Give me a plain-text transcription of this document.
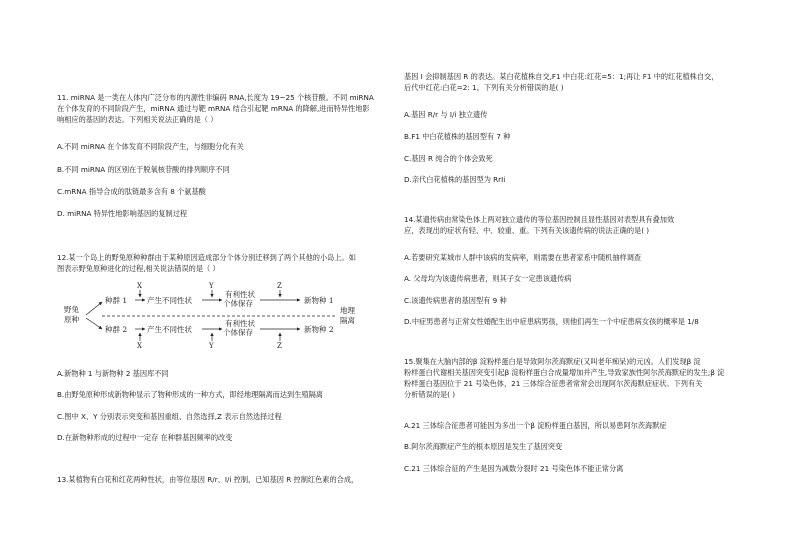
11. miRNA 是一类在人体内广泛分布的内源性非编码 RNA,长度为 19~25 个核苷酸。不同 miRNA

在个体发育的不同阶段产生，miRNA 通过与靶 mRNA 结合引起靶 mRNA 的降解,进而特异性地影

响相应的基因的表达。下列相关说法正确的是（ ）

A.不同 miRNA 在个体发育不同阶段产生，与细胞分化有关
B.不同 miRNA 的区别在于脱氧核苷酸的排列顺序不同
C.mRNA 指导合成的肽链最多含有 8 个氨基酸
D. miRNA 特异性地影响基因的复制过程

12.某一个岛上的野兔原种种群由于某种原因造成部分个体分别迁移到了两个其他的小岛上。如

图表示野兔原种进化的过程,相关说法错误的是（ ）

野兔
原种
种群 1	产生不同性状
有利性状
个体保存	新物种 1
X	Y	Z
地理
隔离
种群 2	产生不同性状
有利性状
个体保存	新物种 2
X	Y	Z
A.新物种 1 与新物种 2 基因库不同
B.由野兔原种形成新物种显示了物种形成的一种方式，即经地理隔离而达到生殖隔离
C.图中 X、Y 分别表示突变和基因重组、自然选择,Z 表示自然选择过程
D.在新物种形成的过程中一定存 在种群基因频率的改变

13.某植物有白花和红花两种性状，由等位基因 R/r、I/i 控制，已知基因 R 控制红色素的合成，

基因 I 会抑制基因 R 的表达。某白花植株自交,F1 中白花:红花=5：1;再让 F1 中的红花植株自交，

后代中红花:白花=2: 1。下列有关分析错误的是( )

A.基因 R/r 与 I/i 独立遗传
B.F1 中白花植株的基因型有 7 种
C.基因 R 纯合的个体会致死
D.亲代白花植株的基因型为 RrIi

14.某遗传病由常染色体上两对独立遗传的等位基因控制且显性基因对表型具有叠加效

应，表现出的症状有轻、中、较重、重。下列有关该遗传病的说法正确的是( )

A.若要研究某城市人群中该病的发病率，则需要在患者家系中随机抽样调查
A. 父母均为该遗传病患者，则其子女一定患该遗传病
C.该遗传病患者的基因型有 9 种
D.中症男患者与正常女性婚配生出中症患病男孩，则他们再生一个中症患病女孩的概率是 1/8

15.聚集在大脑内部的β 淀粉样蛋白是导致阿尔茨海默症(又叫老年痴呆)的元凶。人们发现β 淀

粉样蛋白代谢相关基因突变引起β 淀粉样蛋白合成量增加并产生,导致家族性阿尔茨海默症的发生;β 淀

粉样蛋白基因位于 21 号染色体，21 三体综合征患者常常会出现阿尔茨海默症症状。下列有关

分析错误的是( )

A.21 三体综合征患者可能因为多出一个β 淀粉样蛋白基因，所以易患阿尔茨海默症
B.阿尔茨海默症产生的根本原因是发生了基因突变
C.21 三体综合征的产生是因为减数分裂时 21 号染色体不能正常分离
